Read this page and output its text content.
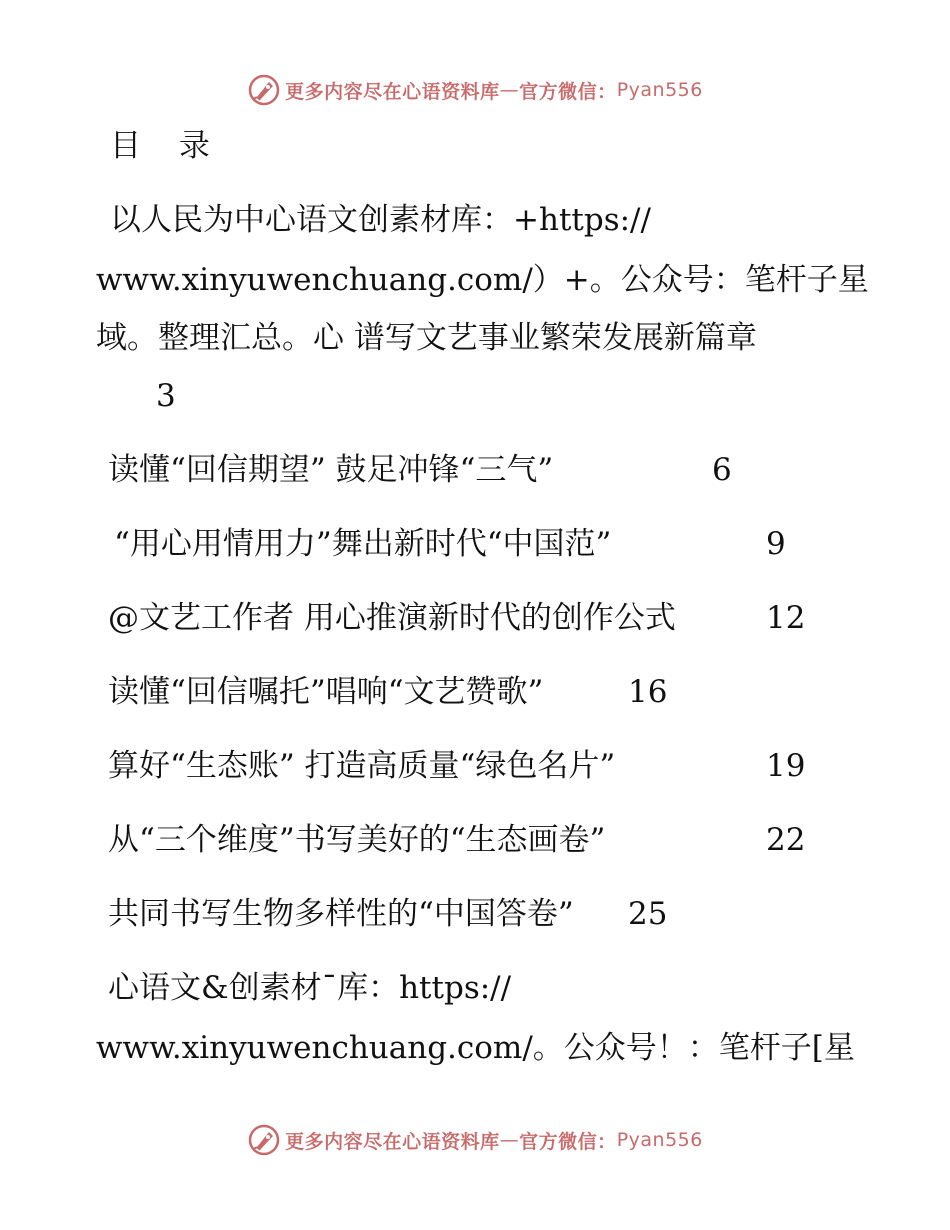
更多内容尽在心语资料库 — 官方微信： Pyan556
目 录
以人民为中心语文创素材库：+https://
www.xinyuwenchuang.com/）+。公众号：笔杆子星
域。整理汇总。心 谱写文艺事业繁荣发展新篇章
3
读懂“回信期望” 鼓足冲锋“三气”	6
“用心用情用力”舞出新时代“中国范”	9
@文艺工作者 用心推演新时代的创作公式	12
读懂“回信嘱托”唱响“文艺赞歌”	16
算好“生态账” 打造高质量“绿色名片”	19
从“三个维度”书写美好的“生态画卷”	22
共同书写生物多样性的“中国答卷” 25
心语文&创素材¯库：https://
www.xinyuwenchuang.com/。公众号！：笔杆子[星
更多内容尽在心语资料库 — 官方微信： Pyan556
